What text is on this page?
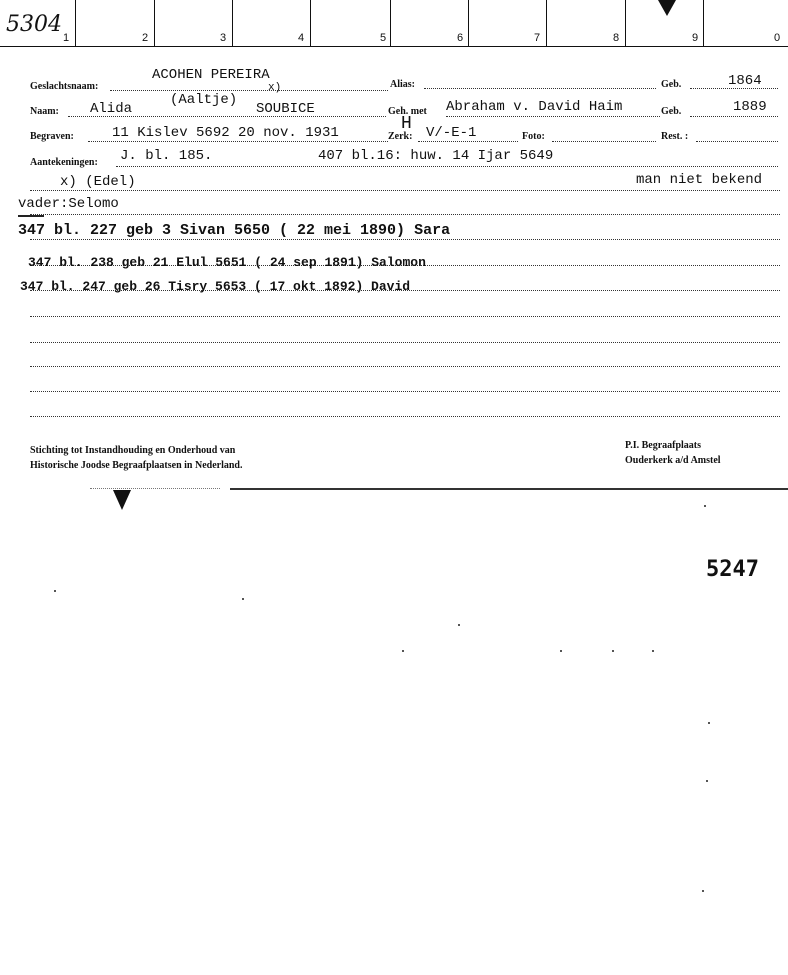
5304
1	2	3	4	5	6	7	8	9	0
Geslachtsnaam:
ACOHEN PEREIRA
x)	Alias:	Geb.	1864
Naam: Alida
(Aaltje)
SOUBICE	Geh. met Abraham v. David Haim	Geb.	1889
Begraven:	11 Kislev 5692 20 nov. 1931	Zerk:
H V/-E-1	Foto:	Rest. :
Aantekeningen: J. bl. 185.	407 bl.16: huw. 14 Ijar 5649
x) (Edel)	man niet bekend
vader:Selomo
347 bl. 227 geb 3 Sivan 5650 ( 22 mei 1890) Sara
347 bl. 238 geb 21 Elul 5651 ( 24 sep 1891) Salomon
347 bl. 247 geb 26 Tisry 5653 ( 17 okt 1892) David
Stichting tot Instandhouding en Onderhoud van
Historische Joodse Begraafplaatsen in Nederland.
P.I. Begraafplaats
Ouderkerk a/d Amstel
5247
